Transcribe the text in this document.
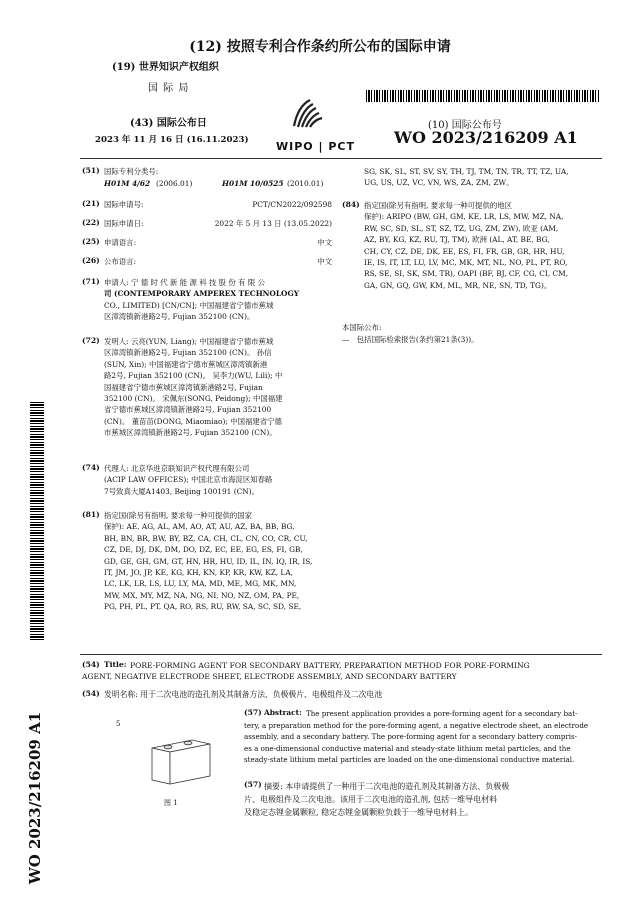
(12) 按照专利合作条约所公布的国际申请
(19) 世界知识产权组织
国 际 局
(43) 国际公布日
2023 年 11 月 16 日 (16.11.2023) WIPO | PCT
(10) 国际公布号
WO 2023/216209 A1
(51) 国际专利分类号:
H01M 4/62 (2006.01)	H01M 10/0525 (2010.01)
(21) 国际申请号:	PCT/CN2022/092598
(22) 国际申请日:	2022 年 5 月 13 日 (13.05.2022)
(25) 申请语言:	中文
(26) 公布语言:	中文
(71) 申请人: 宁 德 时 代 新 能 源 科 技 股 份 有 限 公
司 (CONTEMPORARY AMPEREX TECHNOLOGY
CO., LIMITED) [CN/CN]; 中国福建省宁德市蕉城
区漳湾镇新港路2号, Fujian 352100 (CN)。
(72) 发明人: 云亮(YUN, Liang); 中国福建省宁德市蕉城
区漳湾镇新港路2号, Fujian 352100 (CN)。 孙信
(SUN, Xin); 中国福建省宁德市蕉城区漳湾镇新港
路2号, Fujian 352100 (CN)。 吴李力(WU, Lili); 中
国福建省宁德市蕉城区漳湾镇新港路2号, Fujian
352100 (CN)。 宋佩东(SONG, Peidong); 中国福建
省宁德市蕉城区漳湾镇新港路2号, Fujian 352100
(CN)。 董苗苗(DONG, Miaomiao); 中国福建省宁德
市蕉城区漳湾镇新港路2号, Fujian 352100 (CN)。
(74) 代理人: 北京华进京联知识产权代理有限公司
(ACIP LAW OFFICES); 中国北京市海淀区知春路
7号致真大厦A1403, Beijing 100191 (CN)。
(81) 指定国(除另有指明, 要求每一种可提供的国家
保护): AE, AG, AL, AM, AO, AT, AU, AZ, BA, BB, BG,
BH, BN, BR, BW, BY, BZ, CA, CH, CL, CN, CO, CR, CU,
CZ, DE, DJ, DK, DM, DO, DZ, EC, EE, EG, ES, FI, GB,
GD, GE, GH, GM, GT, HN, HR, HU, ID, IL, IN, IQ, IR, IS,
IT, JM, JO, JP, KE, KG, KH, KN, KP, KR, KW, KZ, LA,
LC, LK, LR, LS, LU, LY, MA, MD, ME, MG, MK, MN,
MW, MX, MY, MZ, NA, NG, NI, NO, NZ, OM, PA, PE,
PG, PH, PL, PT, QA, RO, RS, RU, RW, SA, SC, SD, SE,
SG, SK, SL, ST, SV, SY, TH, TJ, TM, TN, TR, TT, TZ, UA,
UG, US, UZ, VC, VN, WS, ZA, ZM, ZW。
(84) 指定国(除另有指明, 要求每一种可提供的地区
保护): ARIPO (BW, GH, GM, KE, LR, LS, MW, MZ, NA,
RW, SC, SD, SL, ST, SZ, TZ, UG, ZM, ZW), 欧亚 (AM,
AZ, BY, KG, KZ, RU, TJ, TM), 欧洲 (AL, AT, BE, BG,
CH, CY, CZ, DE, DK, EE, ES, FI, FR, GB, GR, HR, HU,
IE, IS, IT, LT, LU, LV, MC, MK, MT, NL, NO, PL, PT, RO,
RS, SE, SI, SK, SM, TR), OAPI (BF, BJ, CF, CG, CI, CM,
GA, GN, GQ, GW, KM, ML, MR, NE, SN, TD, TG)。
本国际公布:
—　包括国际检索报告(条约第21条(3))。
(54) Title: PORE-FORMING AGENT FOR SECONDARY BATTERY, PREPARATION METHOD FOR PORE-FORMING
AGENT, NEGATIVE ELECTRODE SHEET, ELECTRODE ASSEMBLY, AND SECONDARY BATTERY
(54) 发明名称: 用于二次电池的造孔剂及其制备方法、负极极片、电极组件及二次电池
5
图 1
(57) Abstract: The present application provides a pore-forming agent for a secondary bat-
tery, a preparation method for the pore-forming agent, a negative electrode sheet, an electrode
assembly, and a secondary battery. The pore-forming agent for a secondary battery compris-
es a one-dimensional conductive material and steady-state lithium metal particles, and the
steady-state lithium metal particles are loaded on the one-dimensional conductive material.
(57) 摘要: 本申请提供了一种用于二次电池的造孔剂及其制备方法、负极极
片、电极组件及二次电池。该用于二次电池的造孔剂, 包括一维导电材料
及稳定态锂金属颗粒, 稳定态锂金属颗粒负载于一维导电材料上。
WO 2023/216209 A1
